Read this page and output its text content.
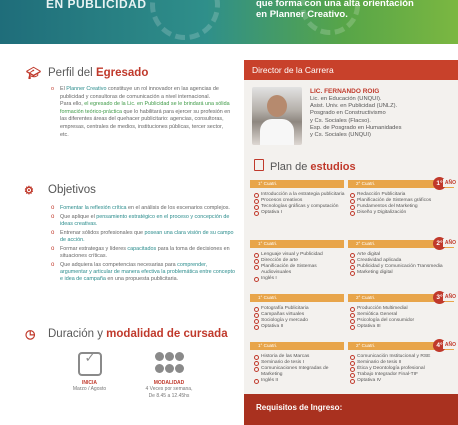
EN PUBLICIDAD	que forma con una alta orientación
en Planner Creativo.
🎓︎ Perfil del Egresado

o El Planner Creativo constituye un rol innovador en las agencias de publicidad y consultoras de comunicación a nivel internacional.

Para ello, el egresado de la Lic. en Publicidad se le brindará una sólida formación teórico-práctica que lo habilitará para ejercer su profesión en las diferentes áreas del quehacer publicitario: agencias, consultoras, empresas, centrales de medios, instituciones públicas, tercer sector, etc.

⚙ Objetivos
o Fomentar la reflexión crítica en el análisis de los escenarios complejos.
o Que aplique el pensamiento estratégico en el proceso y concepción de ideas creativas.
o Entrenar sólidos profesionales que posean una clara visión de su campo de acción.
o Formar estrategas y líderes capacitados para la toma de decisiones en situaciones críticas.
o Que adquiera las competencias necesarias para comprender, argumentar y articular de manera efectiva la problemática entre concepto e idea de campaña en una propuesta publicitaria.
◷ Duración y modalidad de cursada
✓
INICIA
Marzo / Agosto
MODALIDAD
4 Veces por semana,
De 8.45 a 12.45hs
Director de la Carrera
LIC. FERNANDO ROIG
Lic. en Educación (UNQUI).
Asist. Univ. en Publicidad (UNLZ).
Posgrado en Constructivismo
y Cs. Sociales (Flacso).
Esp. de Posgrado en Humanidades
y Cs. Sociales (UNQUI)
Plan de estudios
1° Cuatri.	2° Cuatri.	1° AÑO
Introducción a la estrategia publicitaria
Procesos creativos
Tecnologías gráficas y computación
Optativa I
Redacción Publicitaria
Planificación de Sistemas gráficos
Fundamentos del Marketing
Diseño y Digitalización
1° Cuatri.	2° Cuatri.	2° AÑO
Lenguaje visual y Publicidad
Dirección de arte
Planificación de Sistemas Audiovisuales
Inglés I
Arte digital
Creatividad aplicada
Publicidad y Comunicación Transmedia
Marketing digital
1° Cuatri.	2° Cuatri.	3° AÑO
Fotografía Publicitaria
Campañas virtuales
Sociología y mercado
Optativa II
Producción Multimedial
Semiótica General
Psicología del consumidor
Optativa III
1° Cuatri.	2° Cuatri.	4° AÑO
Historia de las Marcas
Seminario de tesis I
Comunicaciones Integradas de Marketing
Inglés II
Comunicación Institucional y RSE
Seminario de tesis II
Ética y Deontología profesional
Trabajo Integrador Final-TIF
Optativa IV
Requisitos de Ingreso:
